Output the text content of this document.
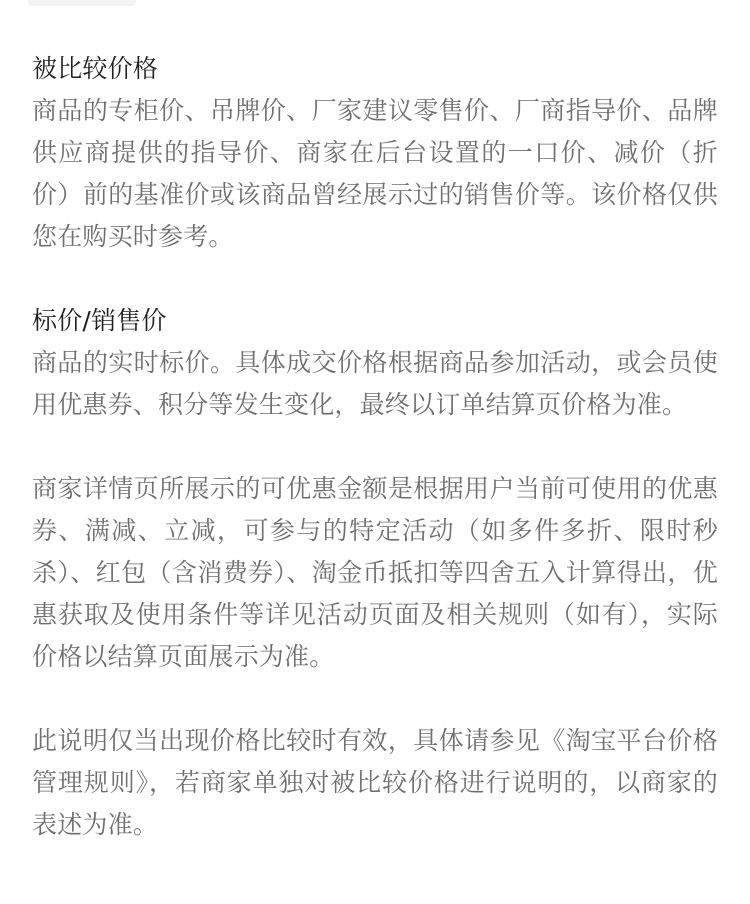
被比较价格

商品的专柜价、吊牌价、厂家建议零售价、厂商指导价、品牌供应商提供的指导价、商家在后台设置的一口价、减价（折价）前的基准价或该商品曾经展示过的销售价等。该价格仅供您在购买时参考。

标价/销售价

商品的实时标价。具体成交价格根据商品参加活动，或会员使用优惠券、积分等发生变化，最终以订单结算页价格为准。

商家详情页所展示的可优惠金额是根据用户当前可使用的优惠券、满减、立减，可参与的特定活动（如多件多折、限时秒杀）、红包（含消费券）、淘金币抵扣等四舍五入计算得出，优惠获取及使用条件等详见活动页面及相关规则（如有），实际价格以结算页面展示为准。

此说明仅当出现价格比较时有效，具体请参见《淘宝平台价格管理规则》，若商家单独对被比较价格进行说明的，以商家的表述为准。
